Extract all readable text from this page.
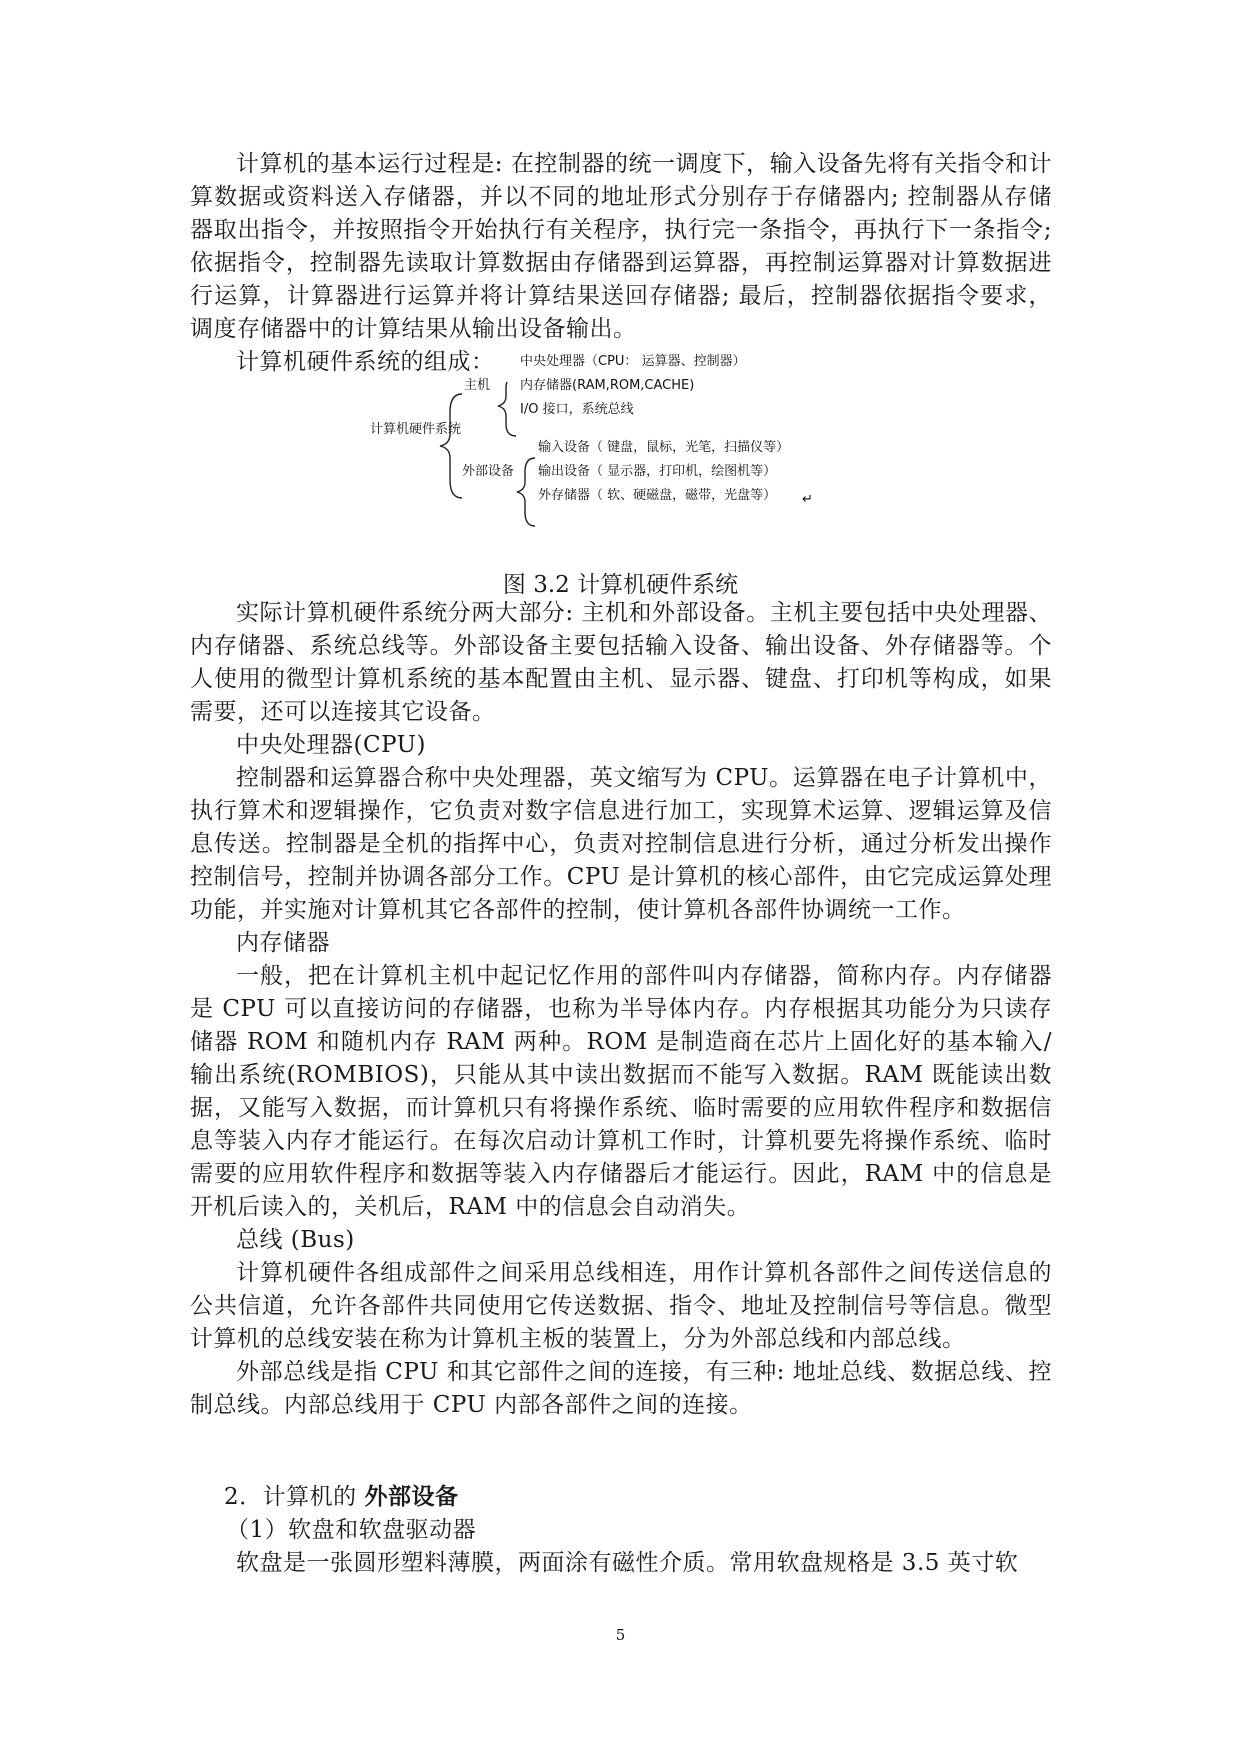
计算机的基本运行过程是: 在控制器的统一调度下，输入设备先将有关指令和计算数据或资料送入存储器，并以不同的地址形式分别存于存储器内; 控制器从存储器取出指令，并按照指令开始执行有关程序，执行完一条指令，再执行下一条指令; 依据指令，控制器先读取计算数据由存储器到运算器，再控制运算器对计算数据进行运算，计算器进行运算并将计算结果送回存储器; 最后，控制器依据指令要求，调度存储器中的计算结果从输出设备输出。

计算机硬件系统的组成：

计算机硬件系统
主机
中央处理器（CPU： 运算器、控制器）
内存储器(RAM,ROM,CACHE)
I/O 接口，系统总线
外部设备
输入设备（ 键盘，鼠标，光笔，扫描仪等）
输出设备（ 显示器，打印机，绘图机等）
外存储器（ 软、硬磁盘，磁带，光盘等） ↵
图 3.2 计算机硬件系统

实际计算机硬件系统分两大部分: 主机和外部设备。主机主要包括中央处理器、内存储器、系统总线等。外部设备主要包括输入设备、输出设备、外存储器等。个人使用的微型计算机系统的基本配置由主机、显示器、键盘、打印机等构成，如果需要，还可以连接其它设备。

中央处理器(CPU)

控制器和运算器合称中央处理器，英文缩写为 CPU。运算器在电子计算机中，执行算术和逻辑操作，它负责对数字信息进行加工，实现算术运算、逻辑运算及信息传送。控制器是全机的指挥中心，负责对控制信息进行分析，通过分析发出操作控制信号，控制并协调各部分工作。CPU 是计算机的核心部件，由它完成运算处理功能，并实施对计算机其它各部件的控制，使计算机各部件协调统一工作。

内存储器

一般，把在计算机主机中起记忆作用的部件叫内存储器，简称内存。内存储器是 CPU 可以直接访问的存储器，也称为半导体内存。内存根据其功能分为只读存储器 ROM 和随机内存 RAM 两种。ROM 是制造商在芯片上固化好的基本输入/输出系统(ROMBIOS)，只能从其中读出数据而不能写入数据。RAM 既能读出数据，又能写入数据，而计算机只有将操作系统、临时需要的应用软件程序和数据信息等装入内存才能运行。在每次启动计算机工作时，计算机要先将操作系统、临时需要的应用软件程序和数据等装入内存储器后才能运行。因此，RAM 中的信息是开机后读入的，关机后，RAM 中的信息会自动消失。

总线 (Bus)

计算机硬件各组成部件之间采用总线相连，用作计算机各部件之间传送信息的公共信道，允许各部件共同使用它传送数据、指令、地址及控制信号等信息。微型计算机的总线安装在称为计算机主板的装置上，分为外部总线和内部总线。

外部总线是指 CPU 和其它部件之间的连接，有三种: 地址总线、数据总线、控制总线。内部总线用于 CPU 内部各部件之间的连接。

2．计算机的 外部设备

（1）软盘和软盘驱动器

软盘是一张圆形塑料薄膜，两面涂有磁性介质。常用软盘规格是 3.5 英寸软

5
